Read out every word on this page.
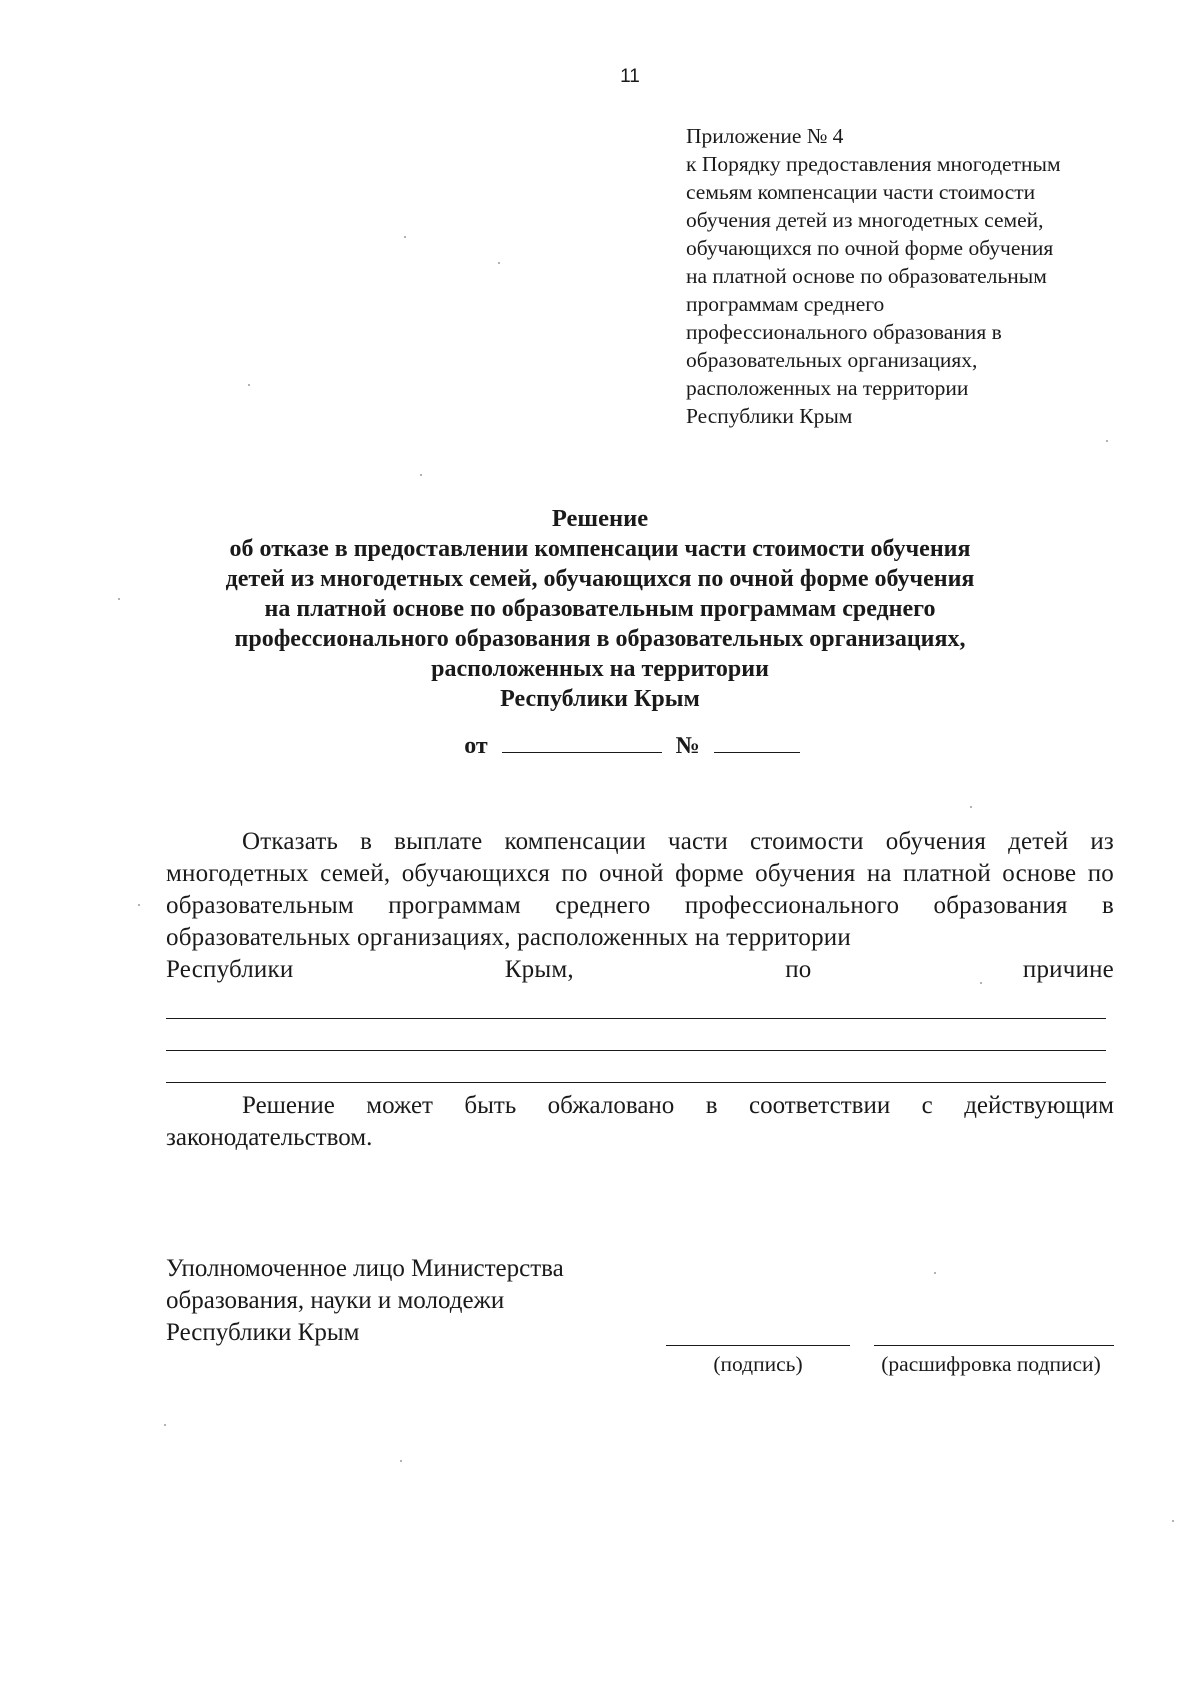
11
Приложение № 4
к Порядку предоставления многодетным
семьям компенсации части стоимости
обучения детей из многодетных семей,
обучающихся по очной форме обучения
на платной основе по образовательным
программам среднего
профессионального образования в
образовательных организациях,
расположенных на территории
Республики Крым
Решение
об отказе в предоставлении компенсации части стоимости обучения
детей из многодетных семей, обучающихся по очной форме обучения
на платной основе по образовательным программам среднего
профессионального образования в образовательных организациях,
расположенных на территории
Республики Крым
от	№
Отказать в выплате компенсации части стоимости обучения детей из многодетных семей, обучающихся по очной форме обучения на платной основе по образовательным программам среднего профессионального образования в образовательных организациях, расположенных на территории
Республики	Крым,	по	причине
Решение может быть обжаловано в соответствии с действующим законодательством.
Уполномоченное лицо Министерства
образования, науки и молодежи
Республики Крым
(подпись)	(расшифровка подписи)
